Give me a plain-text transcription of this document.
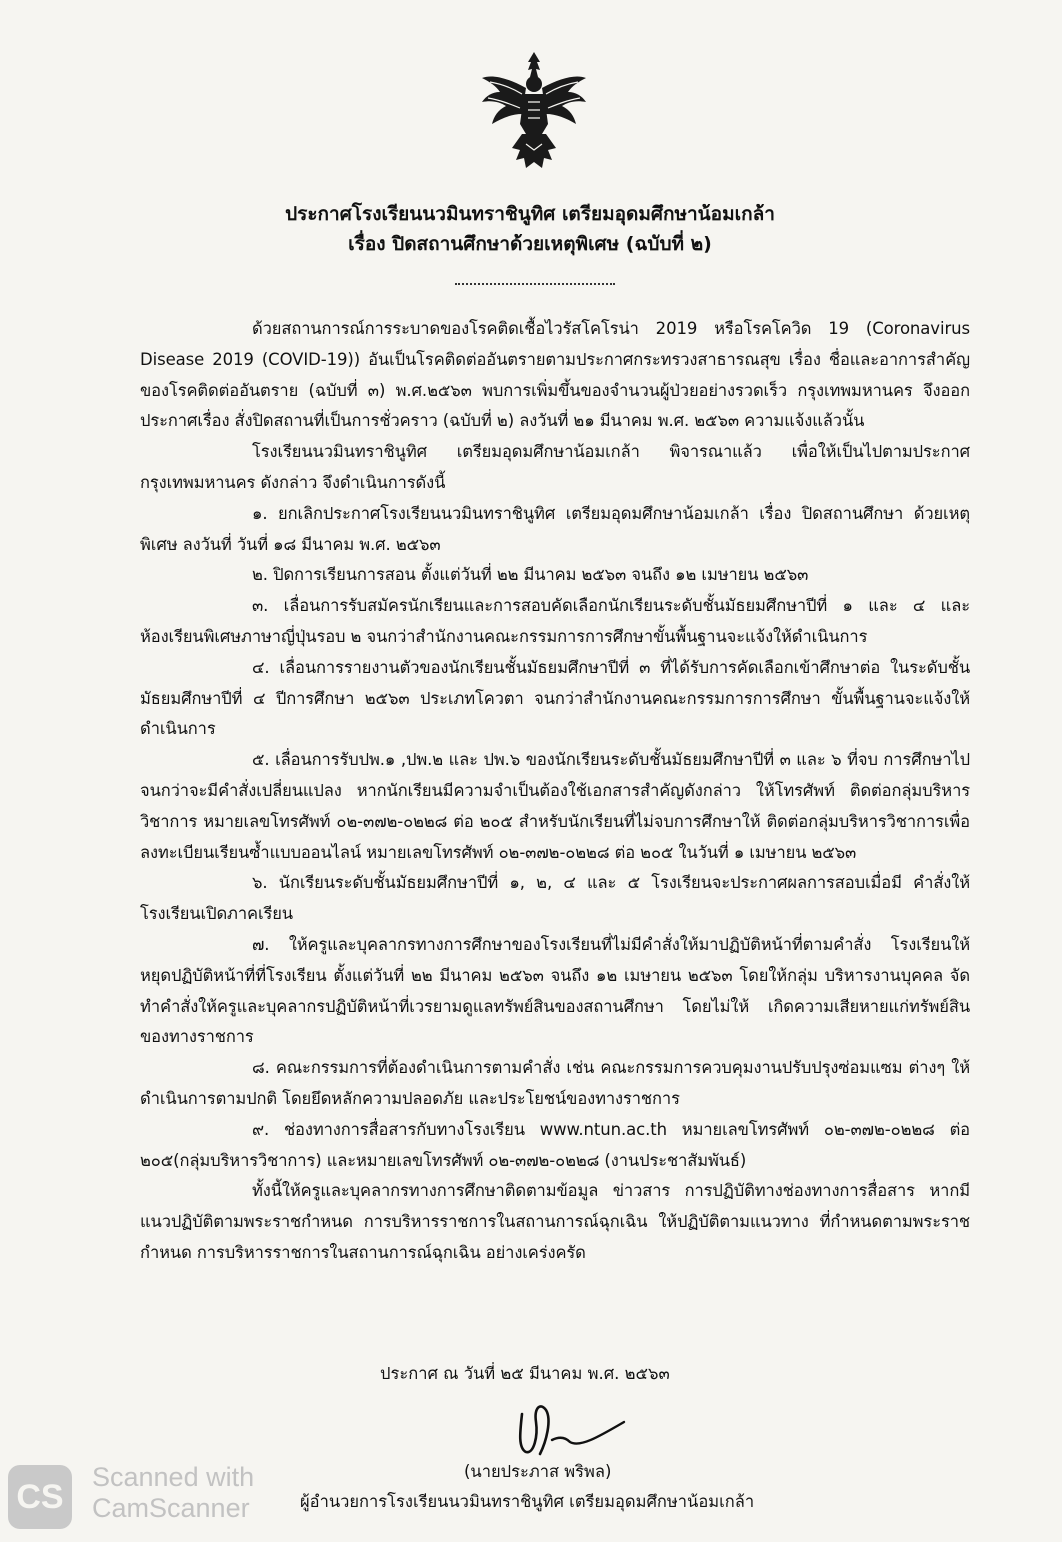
ประกาศโรงเรียนนวมินทราชินูทิศ เตรียมอุดมศึกษาน้อมเกล้า
เรื่อง ปิดสถานศึกษาด้วยเหตุพิเศษ (ฉบับที่ ๒)

ด้วยสถานการณ์การระบาดของโรคติดเชื้อไวรัสโคโรน่า 2019 หรือโรคโควิด 19 (Coronavirus Disease 2019 (COVID-19)) อันเป็นโรคติดต่ออันตรายตามประกาศกระทรวงสาธารณสุข เรื่อง ชื่อและอาการสำคัญของโรคติดต่ออันตราย (ฉบับที่ ๓) พ.ศ.๒๕๖๓ พบการเพิ่มขึ้นของจำนวนผู้ป่วยอย่างรวดเร็ว กรุงเทพมหานคร จึงออกประกาศเรื่อง สั่งปิดสถานที่เป็นการชั่วคราว (ฉบับที่ ๒) ลงวันที่ ๒๑ มีนาคม พ.ศ. ๒๕๖๓ ความแจ้งแล้วนั้น

โรงเรียนนวมินทราชินูทิศ เตรียมอุดมศึกษาน้อมเกล้า พิจารณาแล้ว เพื่อให้เป็นไปตามประกาศ กรุงเทพมหานคร ดังกล่าว จึงดำเนินการดังนี้

๑. ยกเลิกประกาศโรงเรียนนวมินทราชินูทิศ เตรียมอุดมศึกษาน้อมเกล้า เรื่อง ปิดสถานศึกษา ด้วยเหตุพิเศษ ลงวันที่ วันที่ ๑๘ มีนาคม พ.ศ. ๒๕๖๓

๒. ปิดการเรียนการสอน ตั้งแต่วันที่ ๒๒ มีนาคม ๒๕๖๓ จนถึง ๑๒ เมษายน ๒๕๖๓

๓. เลื่อนการรับสมัครนักเรียนและการสอบคัดเลือกนักเรียนระดับชั้นมัธยมศึกษาปีที่ ๑ และ ๔ และห้องเรียนพิเศษภาษาญี่ปุ่นรอบ ๒ จนกว่าสำนักงานคณะกรรมการการศึกษาขั้นพื้นฐานจะแจ้งให้ดำเนินการ

๔. เลื่อนการรายงานตัวของนักเรียนชั้นมัธยมศึกษาปีที่ ๓ ที่ได้รับการคัดเลือกเข้าศึกษาต่อ ในระดับชั้นมัธยมศึกษาปีที่ ๔ ปีการศึกษา ๒๕๖๓ ประเภทโควตา จนกว่าสำนักงานคณะกรรมการการศึกษา ขั้นพื้นฐานจะแจ้งให้ดำเนินการ

๕. เลื่อนการรับปพ.๑ ,ปพ.๒ และ ปพ.๖ ของนักเรียนระดับชั้นมัธยมศึกษาปีที่ ๓ และ ๖ ที่จบ การศึกษาไปจนกว่าจะมีคำสั่งเปลี่ยนแปลง หากนักเรียนมีความจำเป็นต้องใช้เอกสารสำคัญดังกล่าว ให้โทรศัพท์ ติดต่อกลุ่มบริหารวิชาการ หมายเลขโทรศัพท์ ๐๒-๓๗๒-๐๒๒๘ ต่อ ๒๐๕ สำหรับนักเรียนที่ไม่จบการศึกษาให้ ติดต่อกลุ่มบริหารวิชาการเพื่อลงทะเบียนเรียนซ้ำแบบออนไลน์ หมายเลขโทรศัพท์ ๐๒-๓๗๒-๐๒๒๘ ต่อ ๒๐๕ ในวันที่ ๑ เมษายน ๒๕๖๓

๖. นักเรียนระดับชั้นมัธยมศึกษาปีที่ ๑, ๒, ๔ และ ๕ โรงเรียนจะประกาศผลการสอบเมื่อมี คำสั่งให้โรงเรียนเปิดภาคเรียน

๗. ให้ครูและบุคลากรทางการศึกษาของโรงเรียนที่ไม่มีคำสั่งให้มาปฏิบัติหน้าที่ตามคำสั่ง โรงเรียนให้หยุดปฏิบัติหน้าที่ที่โรงเรียน ตั้งแต่วันที่ ๒๒ มีนาคม ๒๕๖๓ จนถึง ๑๒ เมษายน ๒๕๖๓ โดยให้กลุ่ม บริหารงานบุคคล จัดทำคำสั่งให้ครูและบุคลากรปฏิบัติหน้าที่เวรยามดูแลทรัพย์สินของสถานศึกษา โดยไม่ให้ เกิดความเสียหายแก่ทรัพย์สินของทางราชการ

๘. คณะกรรมการที่ต้องดำเนินการตามคำสั่ง เช่น คณะกรรมการควบคุมงานปรับปรุงซ่อมแซม ต่างๆ ให้ดำเนินการตามปกติ โดยยึดหลักความปลอดภัย และประโยชน์ของทางราชการ

๙. ช่องทางการสื่อสารกับทางโรงเรียน www.ntun.ac.th หมายเลขโทรศัพท์ ๐๒-๓๗๒-๐๒๒๘ ต่อ ๒๐๕(กลุ่มบริหารวิชาการ) และหมายเลขโทรศัพท์ ๐๒-๓๗๒-๐๒๒๘ (งานประชาสัมพันธ์)

ทั้งนี้ให้ครูและบุคลากรทางการศึกษาติดตามข้อมูล ข่าวสาร การปฏิบัติทางช่องทางการสื่อสาร หากมีแนวปฏิบัติตามพระราชกำหนด การบริหารราชการในสถานการณ์ฉุกเฉิน ให้ปฏิบัติตามแนวทาง ที่กำหนดตามพระราชกำหนด การบริหารราชการในสถานการณ์ฉุกเฉิน อย่างเคร่งครัด

ประกาศ ณ วันที่ ๒๕ มีนาคม พ.ศ. ๒๕๖๓
(นายประภาส พริพล)
ผู้อำนวยการโรงเรียนนวมินทราชินูทิศ เตรียมอุดมศึกษาน้อมเกล้า
CS
Scanned with
CamScanner
